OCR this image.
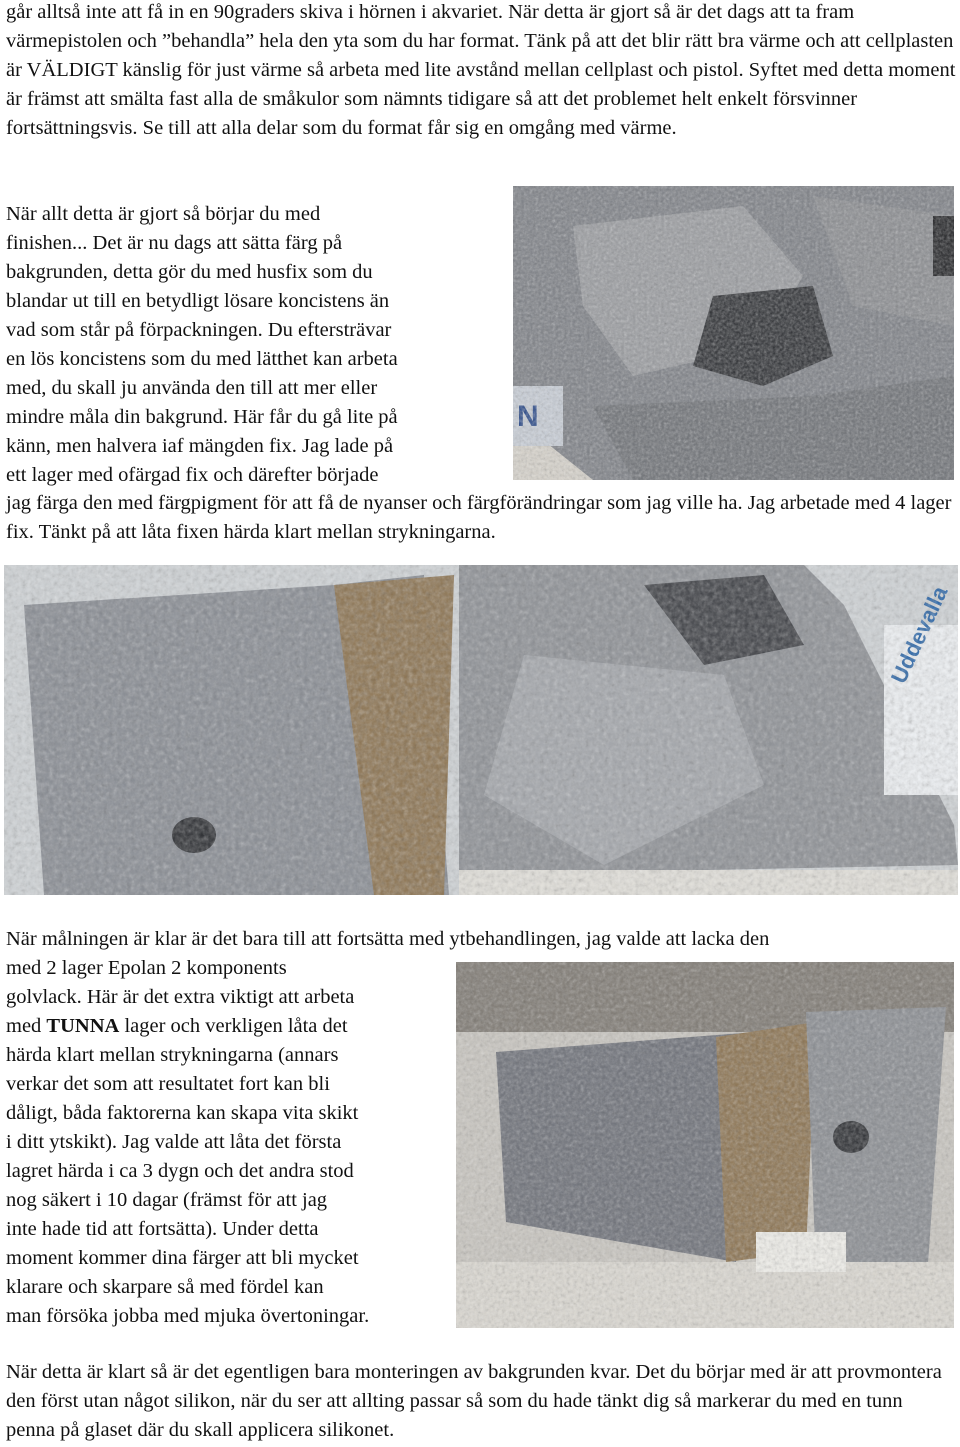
går alltså inte att få in en 90graders skiva i hörnen i akvariet. När detta är gjort så är det dags att ta fram värmepistolen och ”behandla” hela den yta som du har format. Tänk på att det blir rätt bra värme och att cellplasten är VÄLDIGT känslig för just värme så arbeta med lite avstånd mellan cellplast och pistol. Syftet med detta moment är främst att smälta fast alla de småkulor som nämnts tidigare så att det problemet helt enkelt försvinner fortsättningsvis. Se till att alla delar som du format får sig en omgång med värme.

När allt detta är gjort så börjar du med
finishen... Det är nu dags att sätta färg på
bakgrunden, detta gör du med husfix som du
blandar ut till en betydligt lösare koncistens än
vad som står på förpackningen. Du eftersträvar
en lös koncistens som du med lätthet kan arbeta
med, du skall ju använda den till att mer eller
mindre måla din bakgrund. Här får du gå lite på
känn, men halvera iaf mängden fix. Jag lade på
ett lager med ofärgad fix och därefter började

jag färga den med färgpigment för att få de nyanser och färgförändringar som jag ville ha. Jag arbetade med 4 lager fix. Tänkt på att låta fixen härda klart mellan strykningarna.

När målningen är klar är det bara till att fortsätta med ytbehandlingen, jag valde att lacka den
med 2 lager Epolan 2 komponents
golvlack. Här är det extra viktigt att arbeta
med TUNNA lager och verkligen låta det
härda klart mellan strykningarna (annars
verkar det som att resultatet fort kan bli
dåligt, båda faktorerna kan skapa vita skikt
i ditt ytskikt). Jag valde att låta det första
lagret härda i ca 3 dygn och det andra stod
nog säkert i 10 dagar (främst för att jag
inte hade tid att fortsätta). Under detta
moment kommer dina färger att bli mycket
klarare och skarpare så med fördel kan
man försöka jobba med mjuka övertoningar.

När detta är klart så är det egentligen bara monteringen av bakgrunden kvar. Det du börjar med är att provmontera den först utan något silikon, när du ser att allting passar så som du hade tänkt dig så markerar du med en tunn penna på glaset där du skall applicera silikonet.
